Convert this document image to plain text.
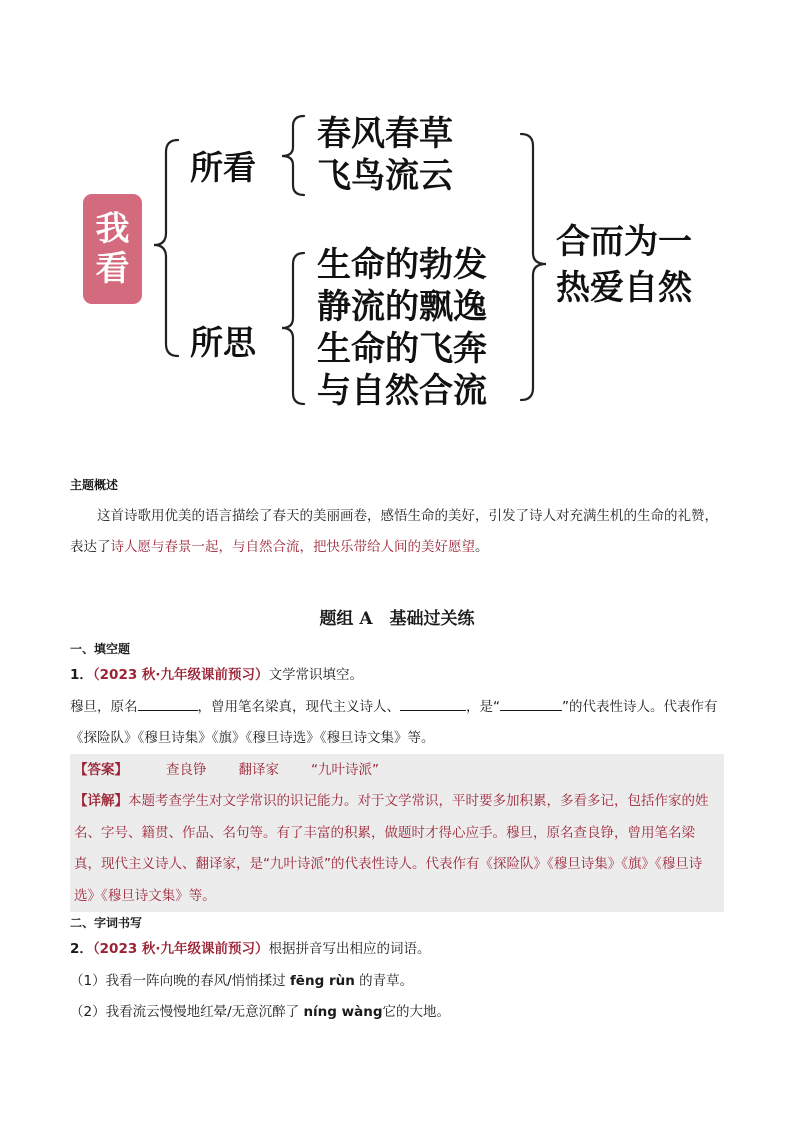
我
看
所看
春风春草
飞鸟流云
所思
生命的勃发
静流的飘逸
生命的飞奔
与自然合流
合而为一
热爱自然
主题概述
这首诗歌用优美的语言描绘了春天的美丽画卷，感悟生命的美好，引发了诗人对充满生机的生命的礼赞，表达了诗人愿与春景一起，与自然合流，把快乐带给人间的美好愿望。
题组 A　基础过关练
一、填空题
1．（2023 秋·九年级课前预习）文学常识填空。
穆旦，原名	，曾用笔名梁真，现代主义诗人、	，是“	”的代表性诗人。代表作有
《探险队》《穆旦诗集》《旗》《穆旦诗选》《穆旦诗文集》等。
【答案】	查良铮 翻译家 “九叶诗派”
【详解】本题考查学生对文学常识的识记能力。对于文学常识，平时要多加积累，多看多记，包括作家的姓名、字号、籍贯、作品、名句等。有了丰富的积累，做题时才得心应手。穆旦，原名查良铮，曾用笔名梁真，现代主义诗人、翻译家，是“九叶诗派”的代表性诗人。代表作有《探险队》《穆旦诗集》《旗》《穆旦诗选》《穆旦诗文集》等。
二、字词书写
2．（2023 秋·九年级课前预习）根据拼音写出相应的词语。
（1）我看一阵向晚的春风/悄悄揉过 fēng rùn 的青草。
（2）我看流云慢慢地红晕/无意沉醉了 níng wàng它的大地。
